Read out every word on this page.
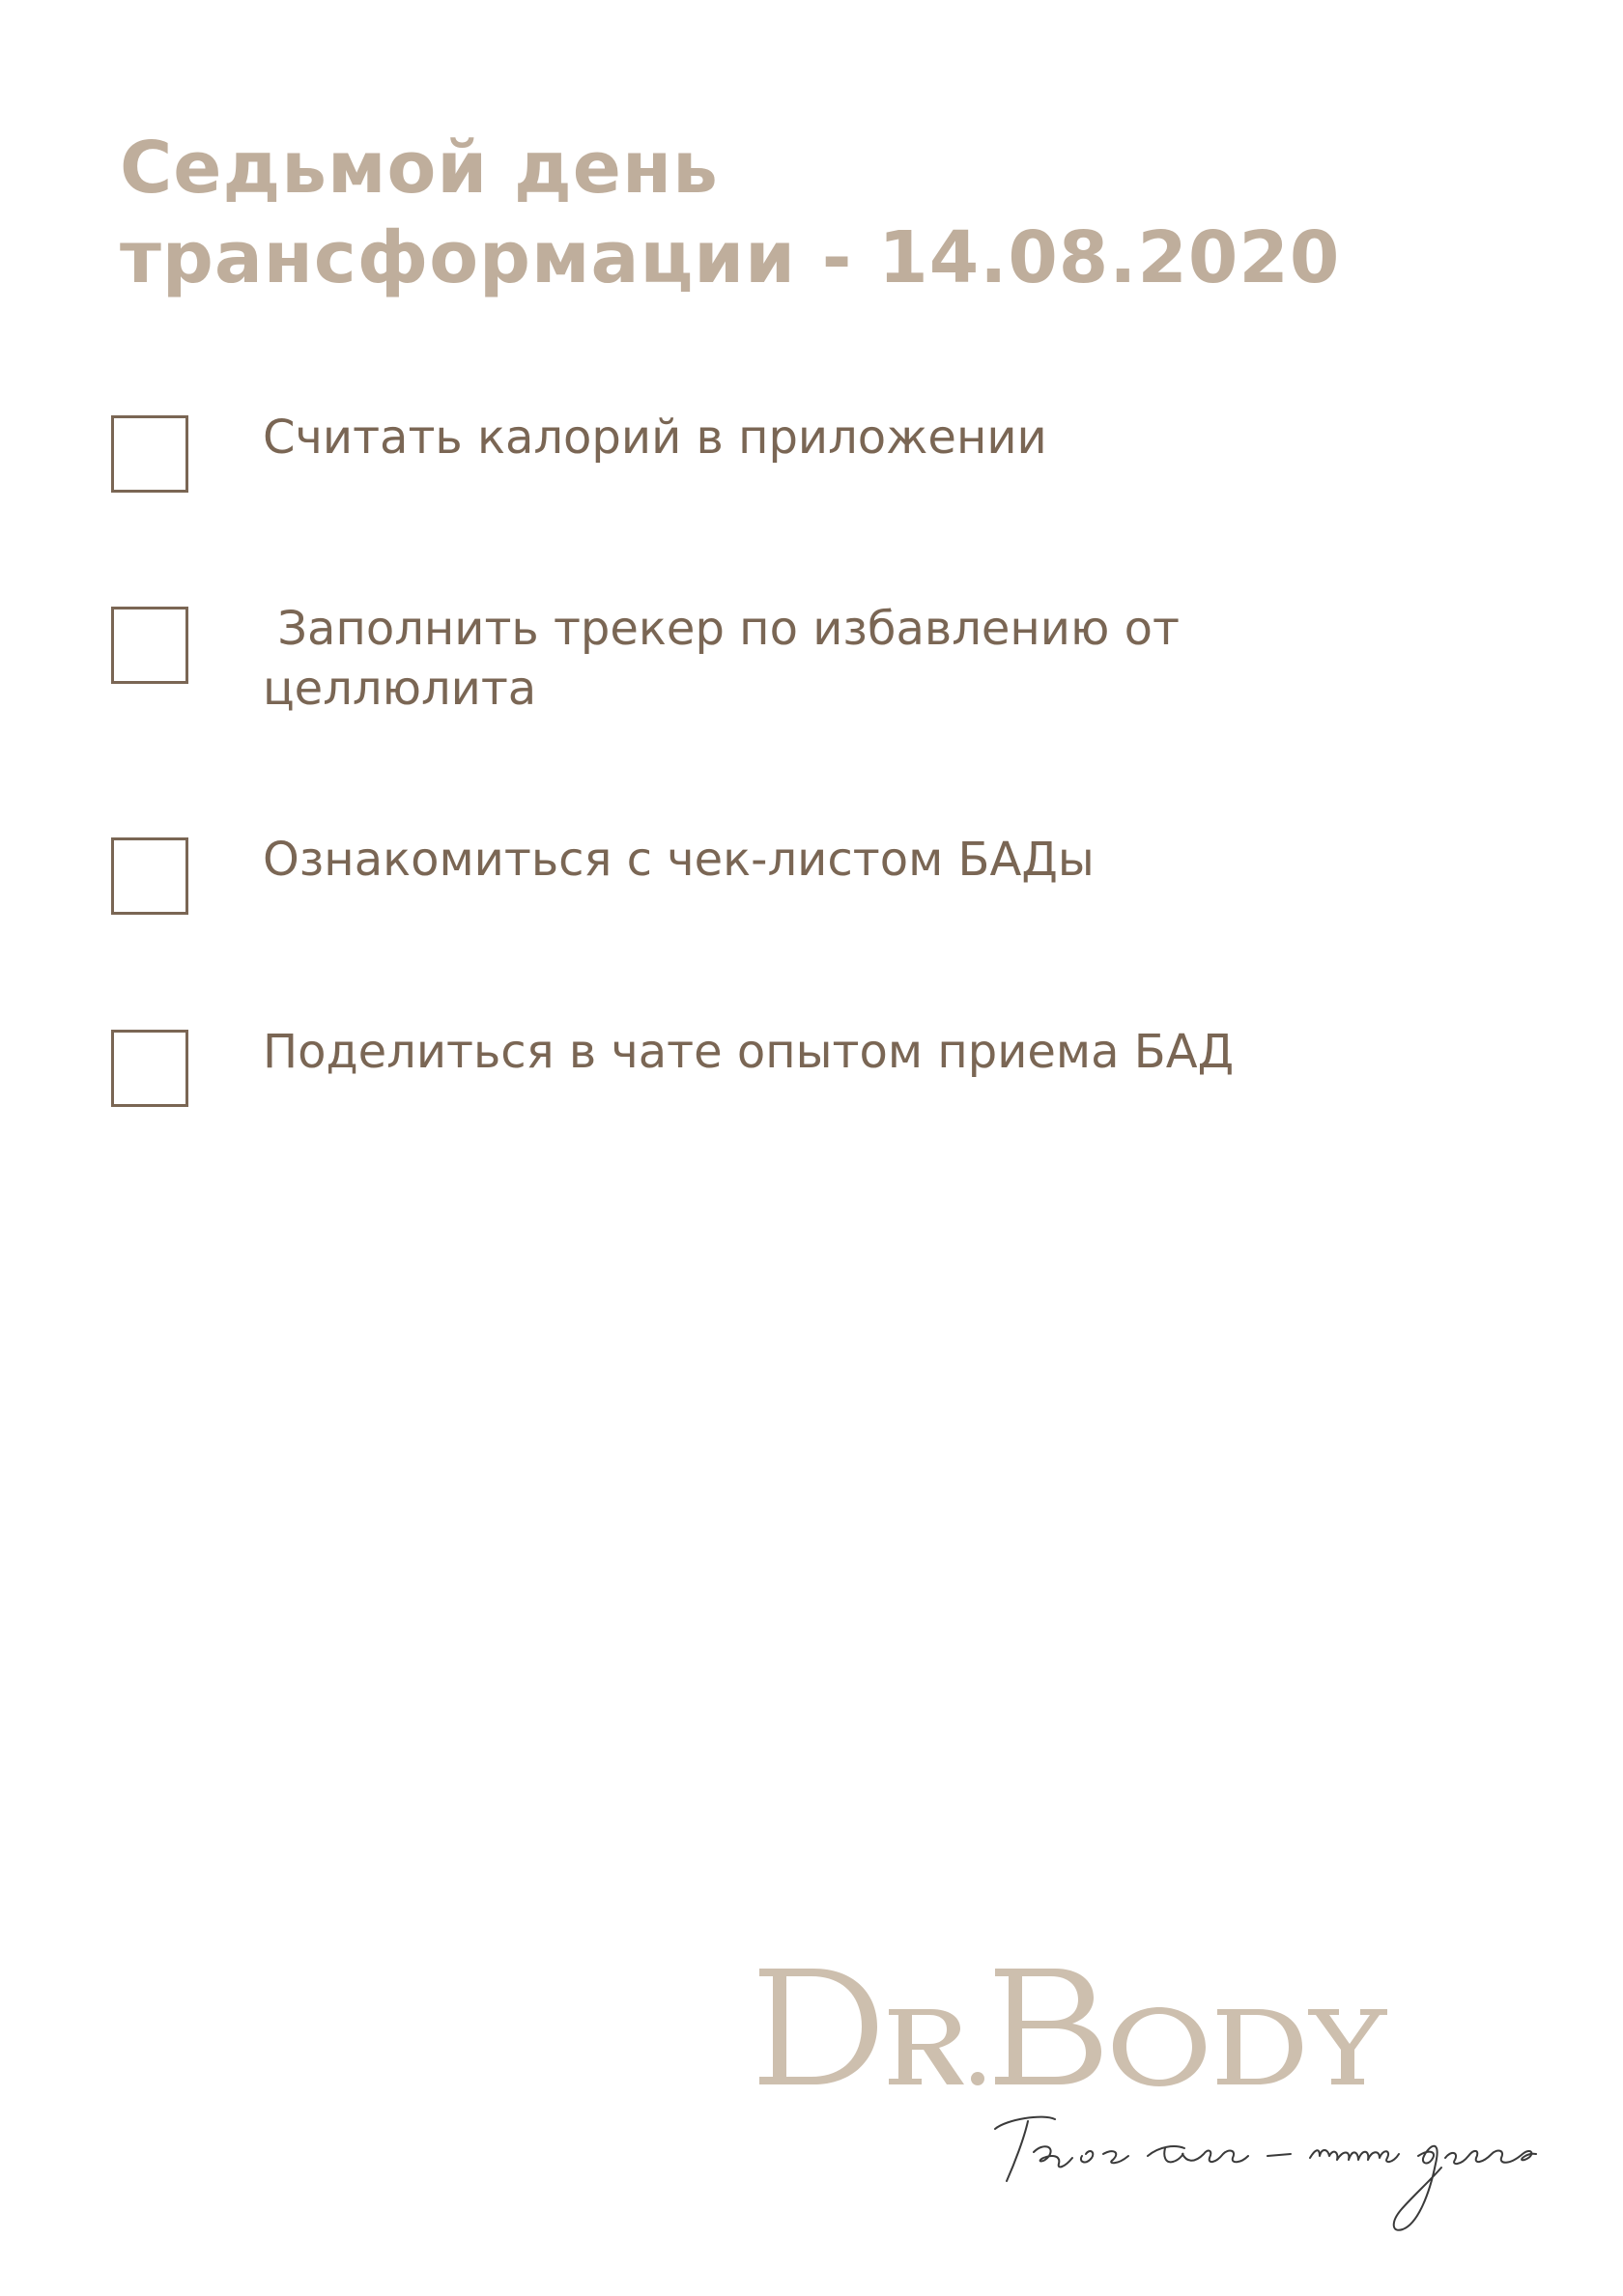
Седьмой день
трансформации - 14.08.2020
Считать калорий в приложении
Заполнить трекер по избавлению от
целлюлита
Ознакомиться с чек-листом БАДы
Поделиться в чате опытом приема БАД
